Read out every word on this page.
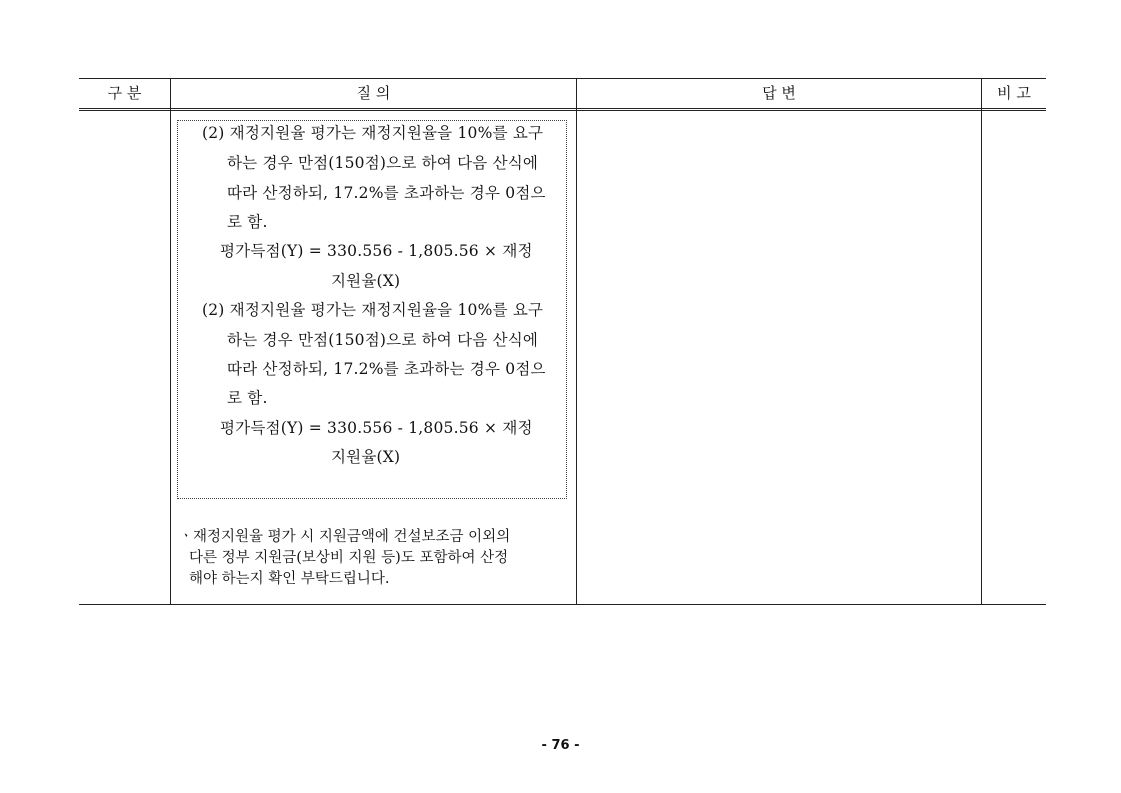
구 분	질 의	답 변	비 고
(2) 재정지원율 평가는 재정지원율을 10%를 요구
하는 경우 만점(150점)으로 하여 다음 산식에
따라 산정하되, 17.2%를 초과하는 경우 0점으
로 함.
평가득점(Y) = 330.556 - 1,805.56 × 재정
지원율(X)
(2) 재정지원율 평가는 재정지원율을 10%를 요구
하는 경우 만점(150점)으로 하여 다음 산식에
따라 산정하되, 17.2%를 초과하는 경우 0점으
로 함.
평가득점(Y) = 330.556 - 1,805.56 × 재정
지원율(X)
ㆍ재정지원율 평가 시 지원금액에 건설보조금 이외의
다른 정부 지원금(보상비 지원 등)도 포함하여 산정
해야 하는지 확인 부탁드립니다.
- 76 -
